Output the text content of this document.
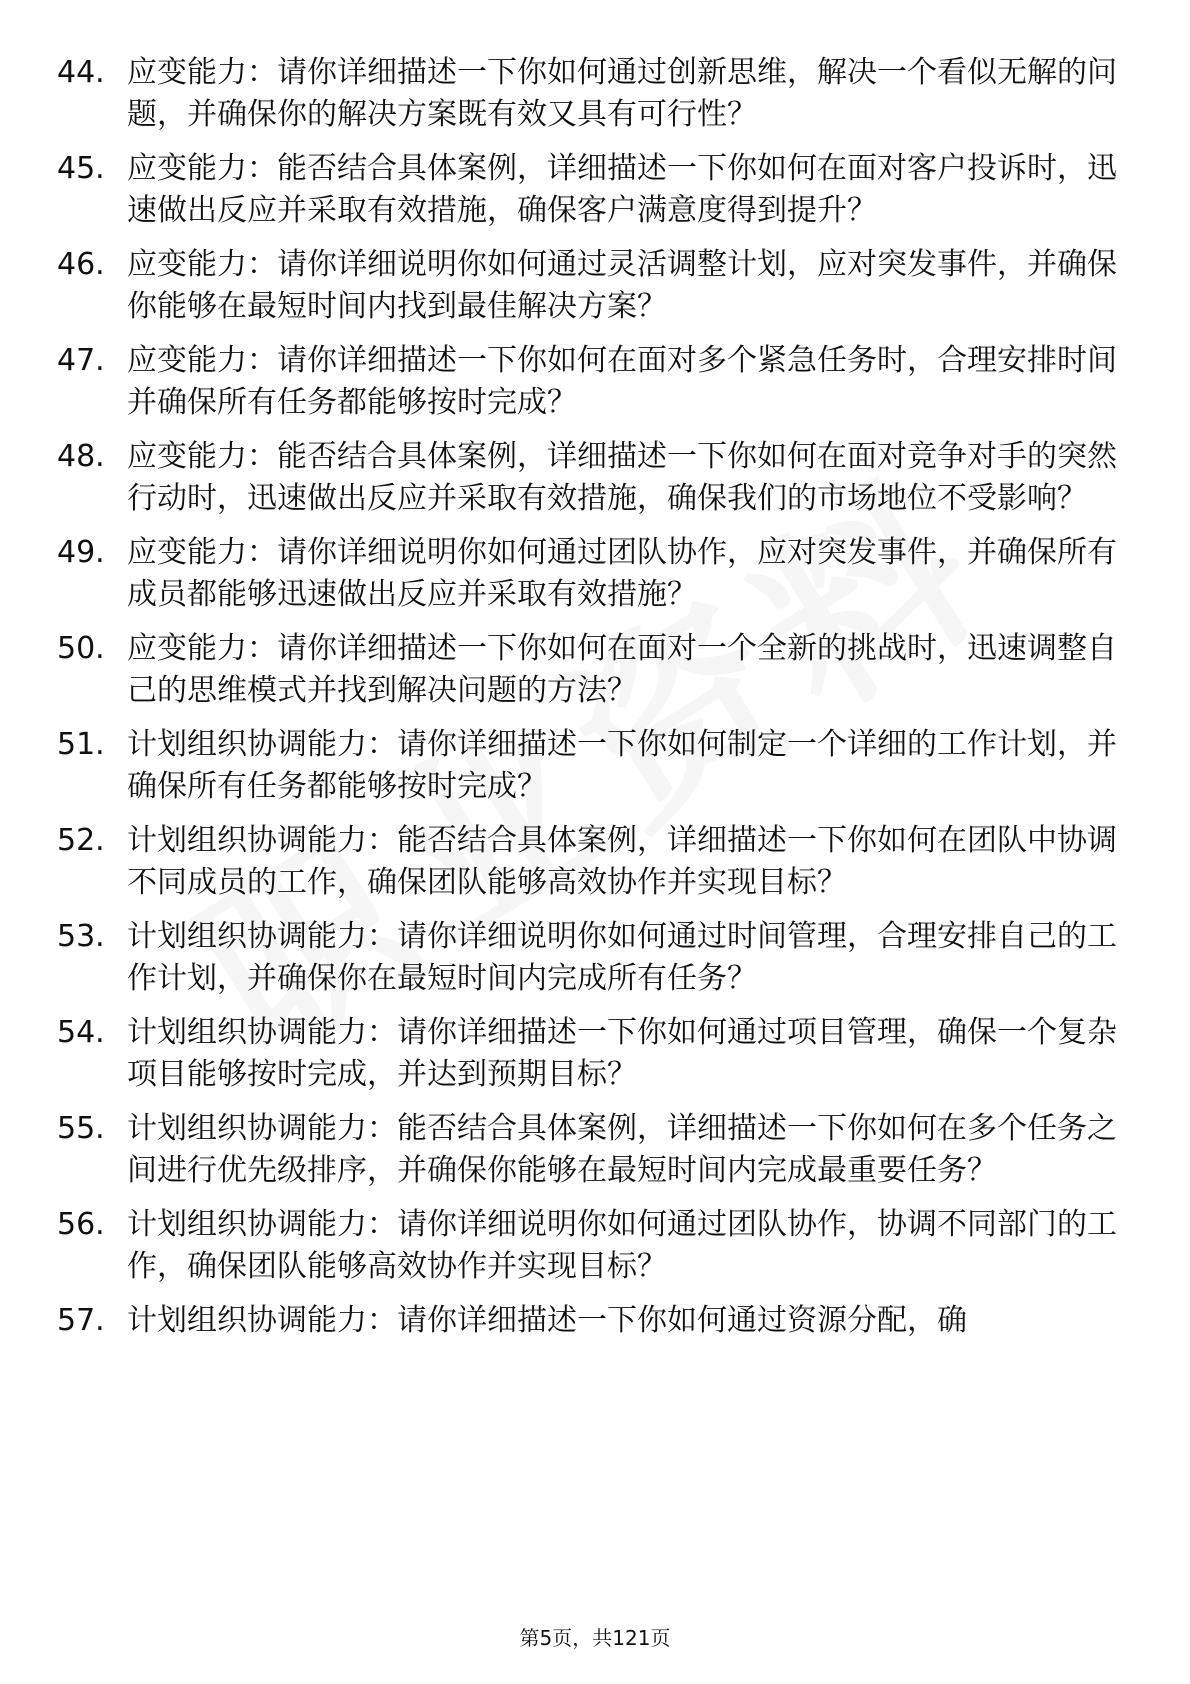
44. 应变能力：请你详细描述一下你如何通过创新思维，解决一个看似无解的问题，并确保你的解决方案既有效又具有可行性？
45. 应变能力：能否结合具体案例，详细描述一下你如何在面对客户投诉时，迅速做出反应并采取有效措施，确保客户满意度得到提升？
46. 应变能力：请你详细说明你如何通过灵活调整计划，应对突发事件，并确保你能够在最短时间内找到最佳解决方案？
47. 应变能力：请你详细描述一下你如何在面对多个紧急任务时，合理安排时间并确保所有任务都能够按时完成？
48. 应变能力：能否结合具体案例，详细描述一下你如何在面对竞争对手的突然行动时，迅速做出反应并采取有效措施，确保我们的市场地位不受影响？
49. 应变能力：请你详细说明你如何通过团队协作，应对突发事件，并确保所有成员都能够迅速做出反应并采取有效措施？
50. 应变能力：请你详细描述一下你如何在面对一个全新的挑战时，迅速调整自己的思维模式并找到解决问题的方法？
51. 计划组织协调能力：请你详细描述一下你如何制定一个详细的工作计划，并确保所有任务都能够按时完成？
52. 计划组织协调能力：能否结合具体案例，详细描述一下你如何在团队中协调不同成员的工作，确保团队能够高效协作并实现目标？
53. 计划组织协调能力：请你详细说明你如何通过时间管理，合理安排自己的工作计划，并确保你在最短时间内完成所有任务？
54. 计划组织协调能力：请你详细描述一下你如何通过项目管理，确保一个复杂项目能够按时完成，并达到预期目标？
55. 计划组织协调能力：能否结合具体案例，详细描述一下你如何在多个任务之间进行优先级排序，并确保你能够在最短时间内完成最重要任务？
56. 计划组织协调能力：请你详细说明你如何通过团队协作，协调不同部门的工作，确保团队能够高效协作并实现目标？
57. 计划组织协调能力：请你详细描述一下你如何通过资源分配，确
第5页，共121页
